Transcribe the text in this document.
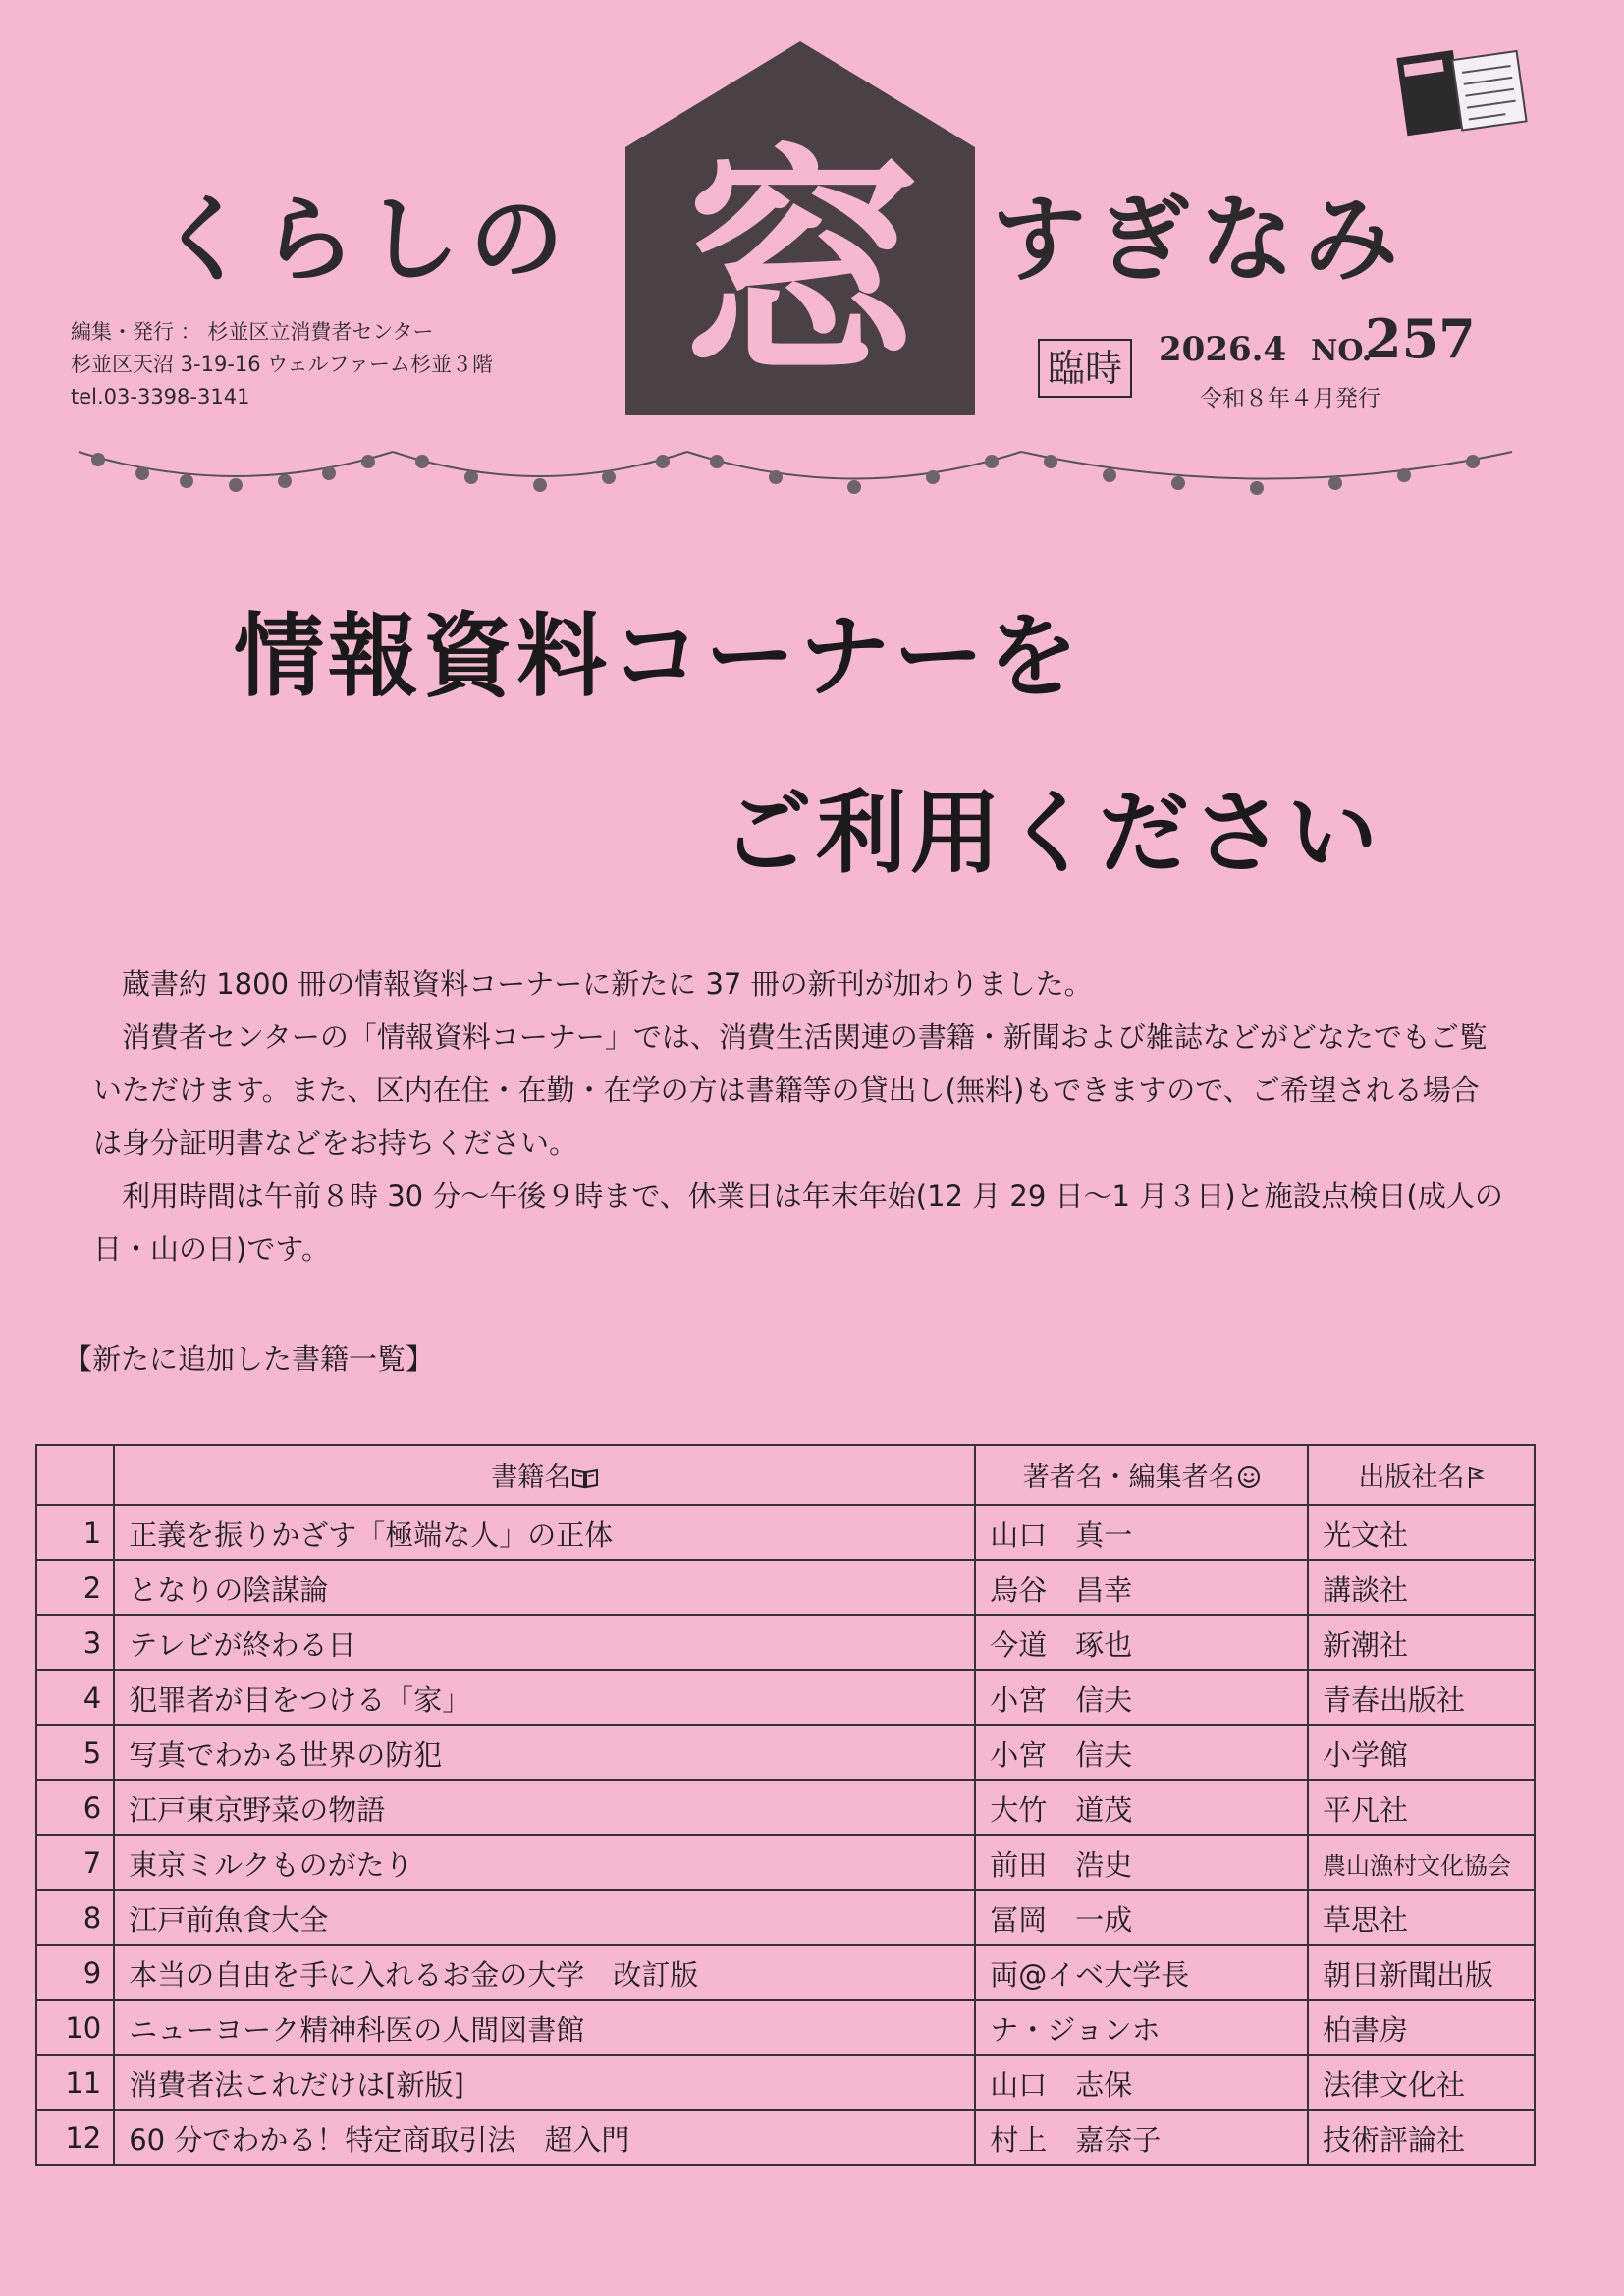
くらしの 窓 すぎなみ
編集・発行 ： 杉並区立消費者センター
杉並区天沼 3-19-16 ウェルファーム杉並３階
tel.03-3398-3141
臨時 2026.4 NO.
257
令和８年４月発行
情報資料コーナーを
ご利用ください

蔵書約 1800 冊の情報資料コーナーに新たに 37 冊の新刊が加わりました。

消費者センターの「情報資料コーナー」では、消費生活関連の書籍・新聞および雑誌などがどなたでもご覧いただけます。また、区内在住・在勤・在学の方は書籍等の貸出し(無料)もできますので、ご希望される場合は身分証明書などをお持ちください。

利用時間は午前８時 30 分～午後９時まで、休業日は年末年始(12 月 29 日～1 月３日)と施設点検日(成人の日・山の日)です。

【新たに追加した書籍一覧】
	書籍名	著者名・編集者名	出版社名
1	正義を振りかざす「極端な人」の正体	山口　真一	光文社
2	となりの陰謀論	烏谷　昌幸	講談社
3	テレビが終わる日	今道　琢也	新潮社
4	犯罪者が目をつける「家」	小宮　信夫	青春出版社
5	写真でわかる世界の防犯	小宮　信夫	小学館
6	江戸東京野菜の物語	大竹　道茂	平凡社
7	東京ミルクものがたり	前田　浩史	農山漁村文化協会
8	江戸前魚食大全	冨岡　一成	草思社
9	本当の自由を手に入れるお金の大学　改訂版	両@イベ大学長	朝日新聞出版
10	ニューヨーク精神科医の人間図書館	ナ・ジョンホ	柏書房
11	消費者法これだけは[新版]	山口　志保	法律文化社
12	60 分でわかる！特定商取引法　超入門	村上　嘉奈子	技術評論社
